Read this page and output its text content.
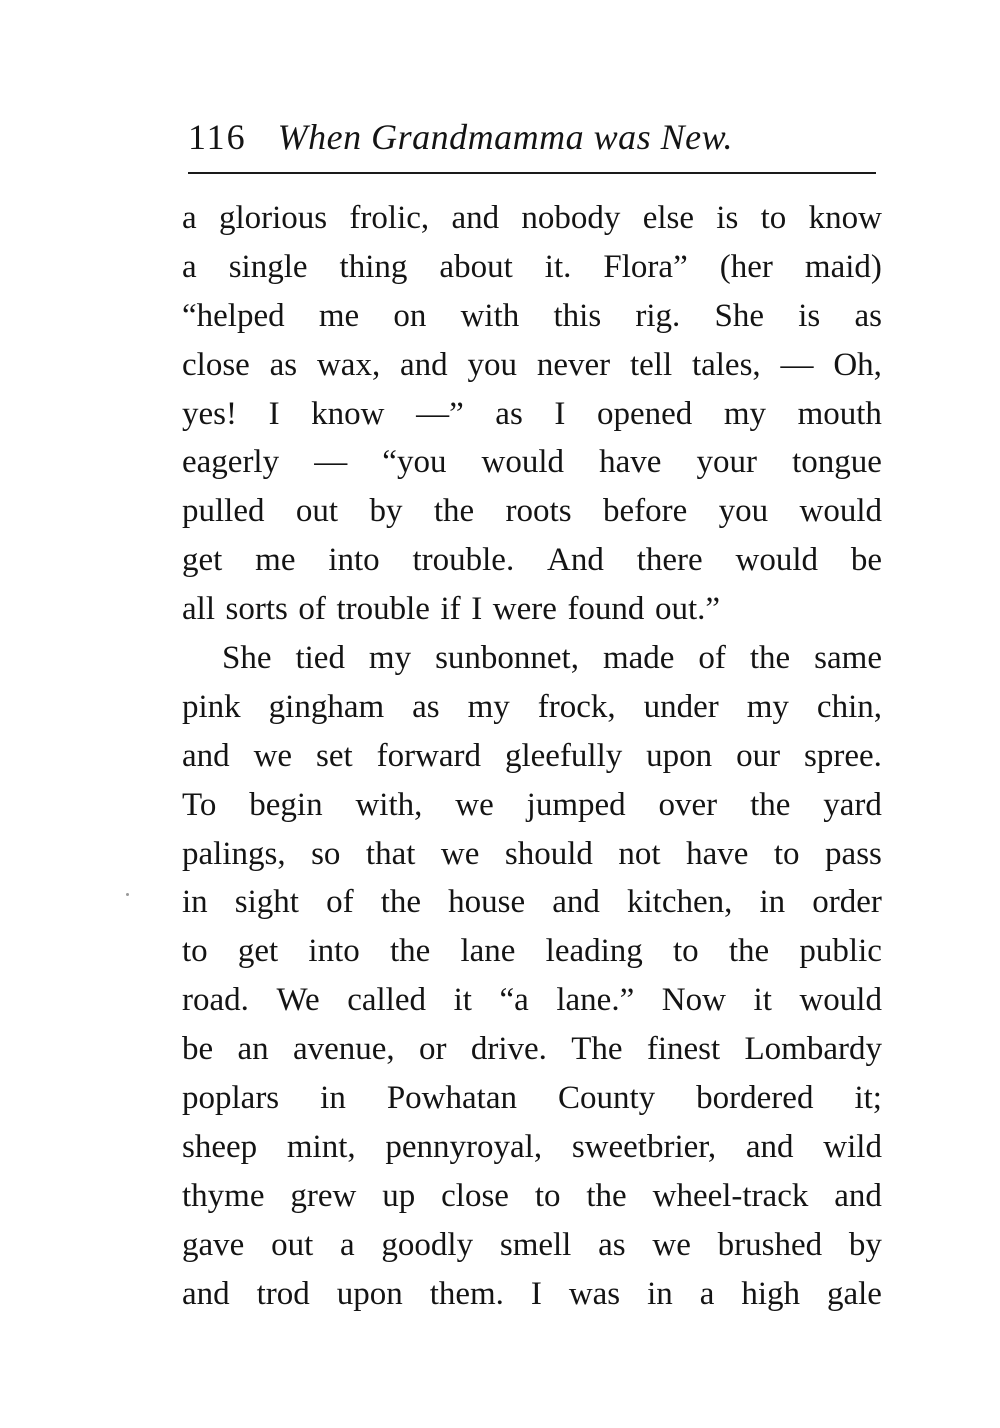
116 When Grandmamma was New.
a glorious frolic, and nobody else is to know
a single thing about it. Flora” (her maid)
“helped me on with this rig. She is as
close as wax, and you never tell tales, — Oh,
yes! I know —” as I opened my mouth
eagerly — “you would have your tongue
pulled out by the roots before you would
get me into trouble. And there would be
all sorts of trouble if I were found out.”
She tied my sunbonnet, made of the same
pink gingham as my frock, under my chin,
and we set forward gleefully upon our spree.
To begin with, we jumped over the yard
palings, so that we should not have to pass
in sight of the house and kitchen, in order
to get into the lane leading to the public
road. We called it “a lane.” Now it would
be an avenue, or drive. The finest Lombardy
poplars in Powhatan County bordered it;
sheep mint, pennyroyal, sweetbrier, and wild
thyme grew up close to the wheel-track and
gave out a goodly smell as we brushed by
and trod upon them. I was in a high gale
